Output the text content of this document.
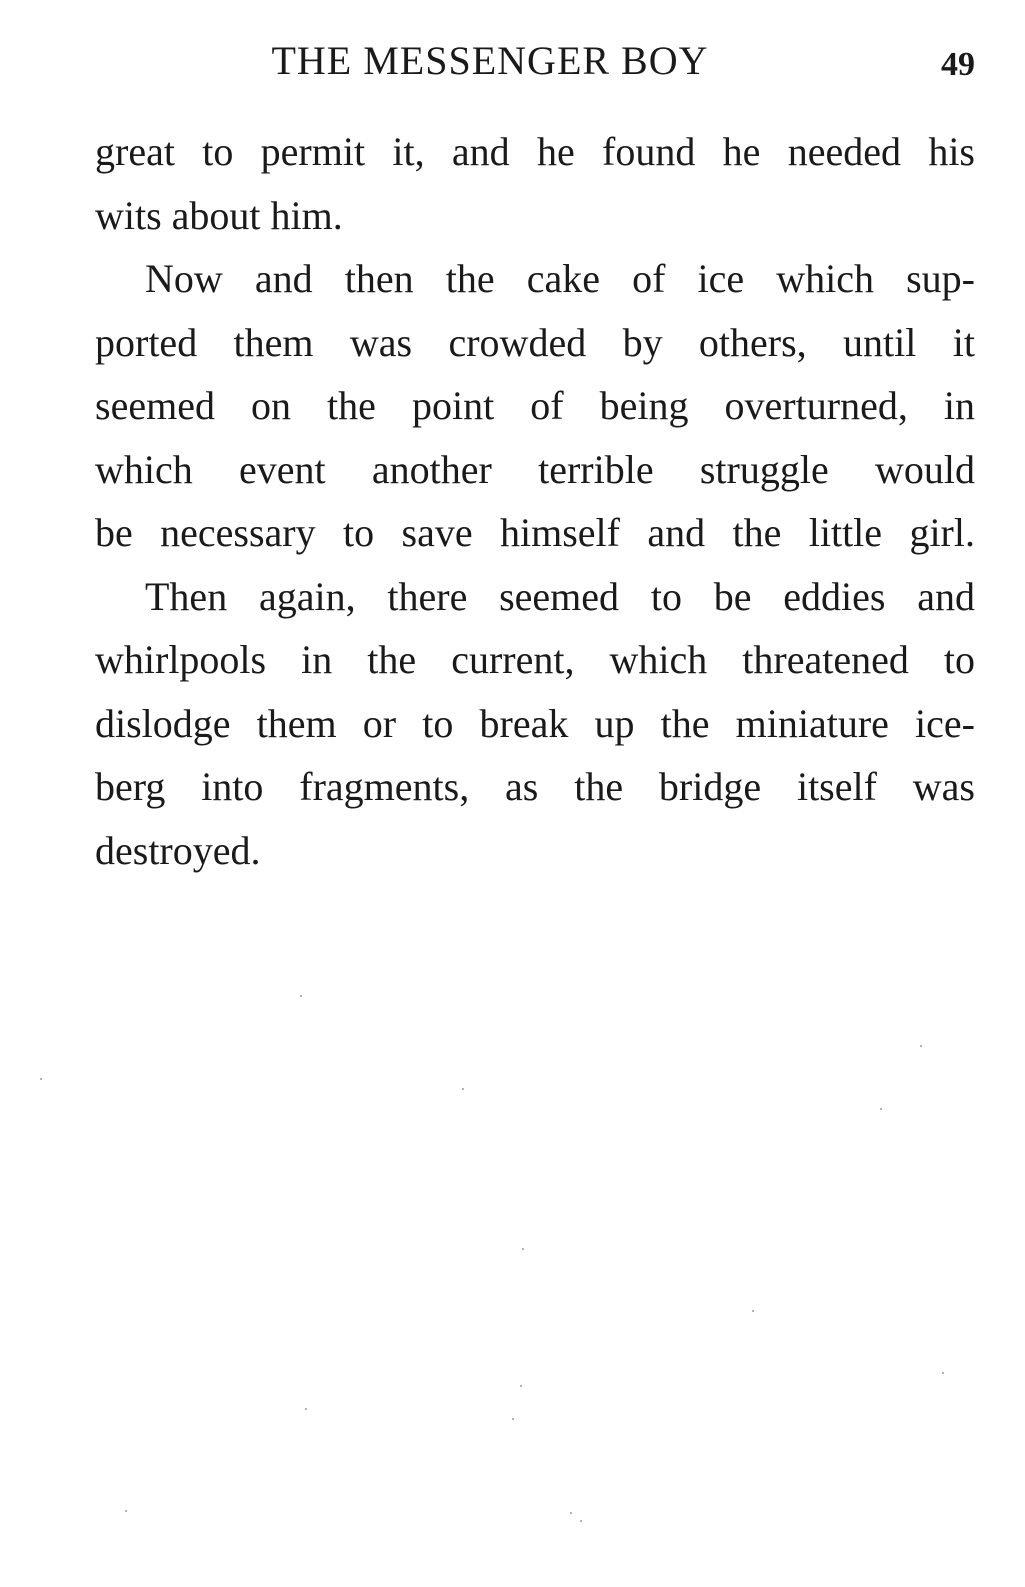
THE MESSENGER BOY	49
great to permit it, and he found he needed his
wits about him.
Now and then the cake of ice which sup-
ported them was crowded by others, until it
seemed on the point of being overturned, in
which event another terrible struggle would
be necessary to save himself and the little girl.
Then again, there seemed to be eddies and
whirlpools in the current, which threatened to
dislodge them or to break up the miniature ice-
berg into fragments, as the bridge itself was
destroyed.
